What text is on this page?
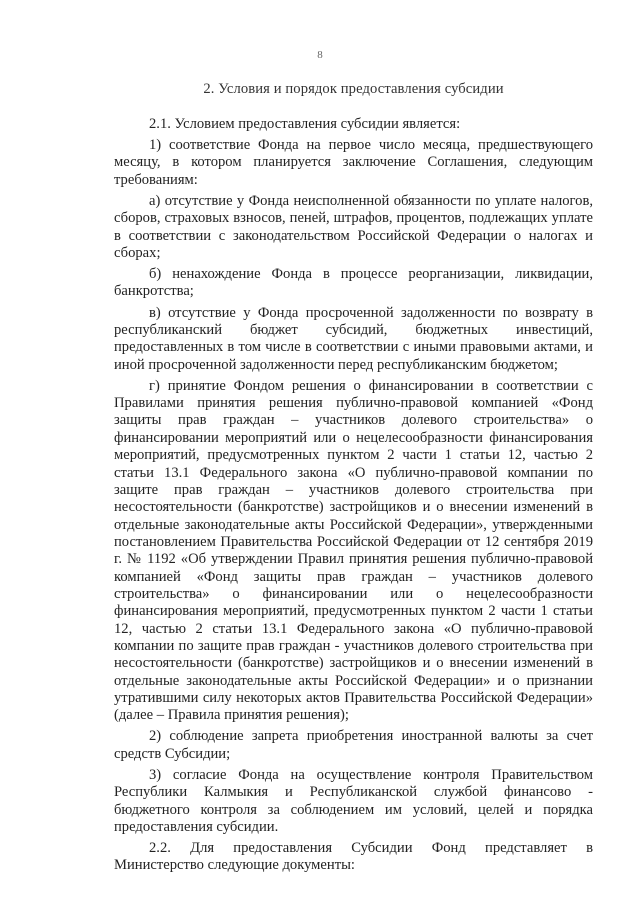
8
2. Условия и порядок предоставления субсидии

2.1. Условием предоставления субсидии является:

1) соответствие Фонда на первое число месяца, предшествующего месяцу, в котором планируется заключение Соглашения, следующим требованиям:

а) отсутствие у Фонда неисполненной обязанности по уплате налогов, сборов, страховых взносов, пеней, штрафов, процентов, подлежащих уплате в соответствии с законодательством Российской Федерации о налогах и сборах;

б) ненахождение Фонда в процессе реорганизации, ликвидации, банкротства;

в) отсутствие у Фонда просроченной задолженности по возврату в республиканский бюджет субсидий, бюджетных инвестиций, предоставленных в том числе в соответствии с иными правовыми актами, и иной просроченной задолженности перед республиканским бюджетом;

г) принятие Фондом решения о финансировании в соответствии с Правилами принятия решения публично-правовой компанией «Фонд защиты прав граждан – участников долевого строительства» о финансировании мероприятий или о нецелесообразности финансирования мероприятий, предусмотренных пунктом 2 части 1 статьи 12, частью 2 статьи 13.1 Федерального закона «О публично-правовой компании по защите прав граждан – участников долевого строительства при несостоятельности (банкротстве) застройщиков и о внесении изменений в отдельные законодательные акты Российской Федерации», утвержденными постановлением Правительства Российской Федерации от 12 сентября 2019 г. № 1192 «Об утверждении Правил принятия решения публично-правовой компанией «Фонд защиты прав граждан – участников долевого строительства» о финансировании или о нецелесообразности финансирования мероприятий, предусмотренных пунктом 2 части 1 статьи 12, частью 2 статьи 13.1 Федерального закона «О публично-правовой компании по защите прав граждан - участников долевого строительства при несостоятельности (банкротстве) застройщиков и о внесении изменений в отдельные законодательные акты Российской Федерации» и о признании утратившими силу некоторых актов Правительства Российской Федерации» (далее – Правила принятия решения);

2) соблюдение запрета приобретения иностранной валюты за счет средств Субсидии;

3) согласие Фонда на осуществление контроля Правительством Республики Калмыкия и Республиканской службой финансово - бюджетного контроля за соблюдением им условий, целей и порядка предоставления субсидии.

2.2. Для предоставления Субсидии Фонд представляет в Министерство следующие документы:
